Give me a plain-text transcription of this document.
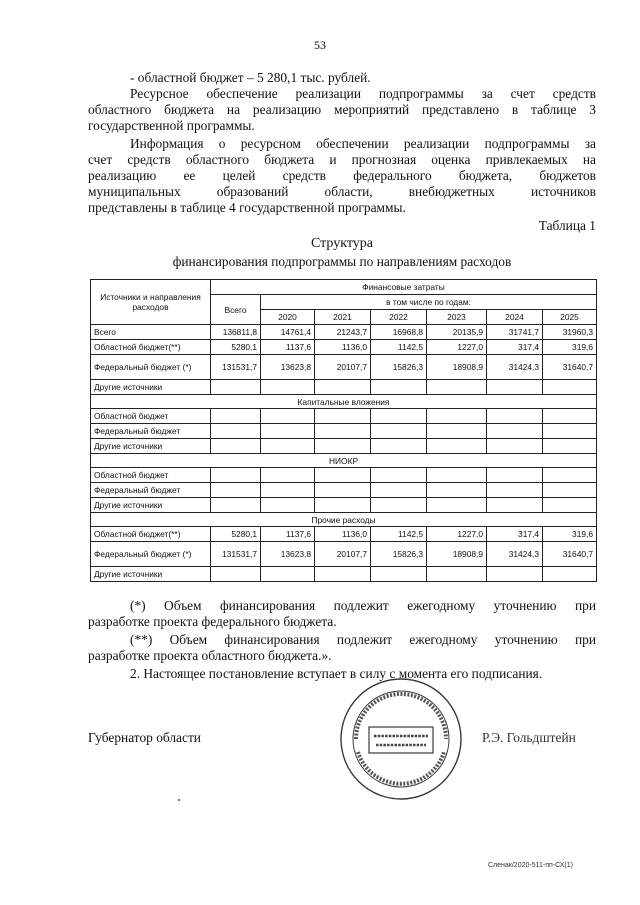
53
- областной бюджет – 5 280,1 тыс. рублей.
Ресурсное обеспечение реализации подпрограммы за счет средств
областного бюджета на реализацию мероприятий представлено в таблице 3
государственной программы.
Информация о ресурсном обеспечении реализации подпрограммы за
счет средств областного бюджета и прогнозная оценка привлекаемых на
реализацию ее целей средств федерального бюджета, бюджетов
муниципальных образований области, внебюджетных источников
представлены в таблице 4 государственной программы.
Таблица 1
Структура
финансирования подпрограммы по направлениям расходов
Источники и направления расходов	Финансовые затраты						
	Всего	в том числе по годам:					
		2020	2021	2022	2023	2024	2025
Всего	136811,8	14761,4	21243,7	16968,8	20135,9	31741,7	31960,3
Областной бюджет(**)	5280,1	1137,6	1136,0	1142,5	1227,0	317,4	319,6
Федеральный бюджет (*)	131531,7	13623,8	20107,7	15826,3	18908,9	31424,3	31640,7
Другие источники							
Капитальные вложения							
Областной бюджет							
Федеральный бюджет							
Другие источники							
НИОКР							
Областной бюджет							
Федеральный бюджет							
Другие источники							
Прочие расходы							
Областной бюджет(**)	5280,1	1137,6	1136,0	1142,5	1227,0	317,4	319,6
Федеральный бюджет (*)	131531,7	13623,8	20107,7	15826,3	18908,9	31424,3	31640,7
Другие источники							
(*) Объем финансирования подлежит ежегодному уточнению при
разработке проекта федерального бюджета.
(**) Объем финансирования подлежит ежегодному уточнению при
разработке проекта областного бюджета.».
2. Настоящее постановление вступает в силу с момента его подписания.
Губернатор области	Р.Э. Гольдштейн
Сленак/2020-511-пп-СХ(1)
